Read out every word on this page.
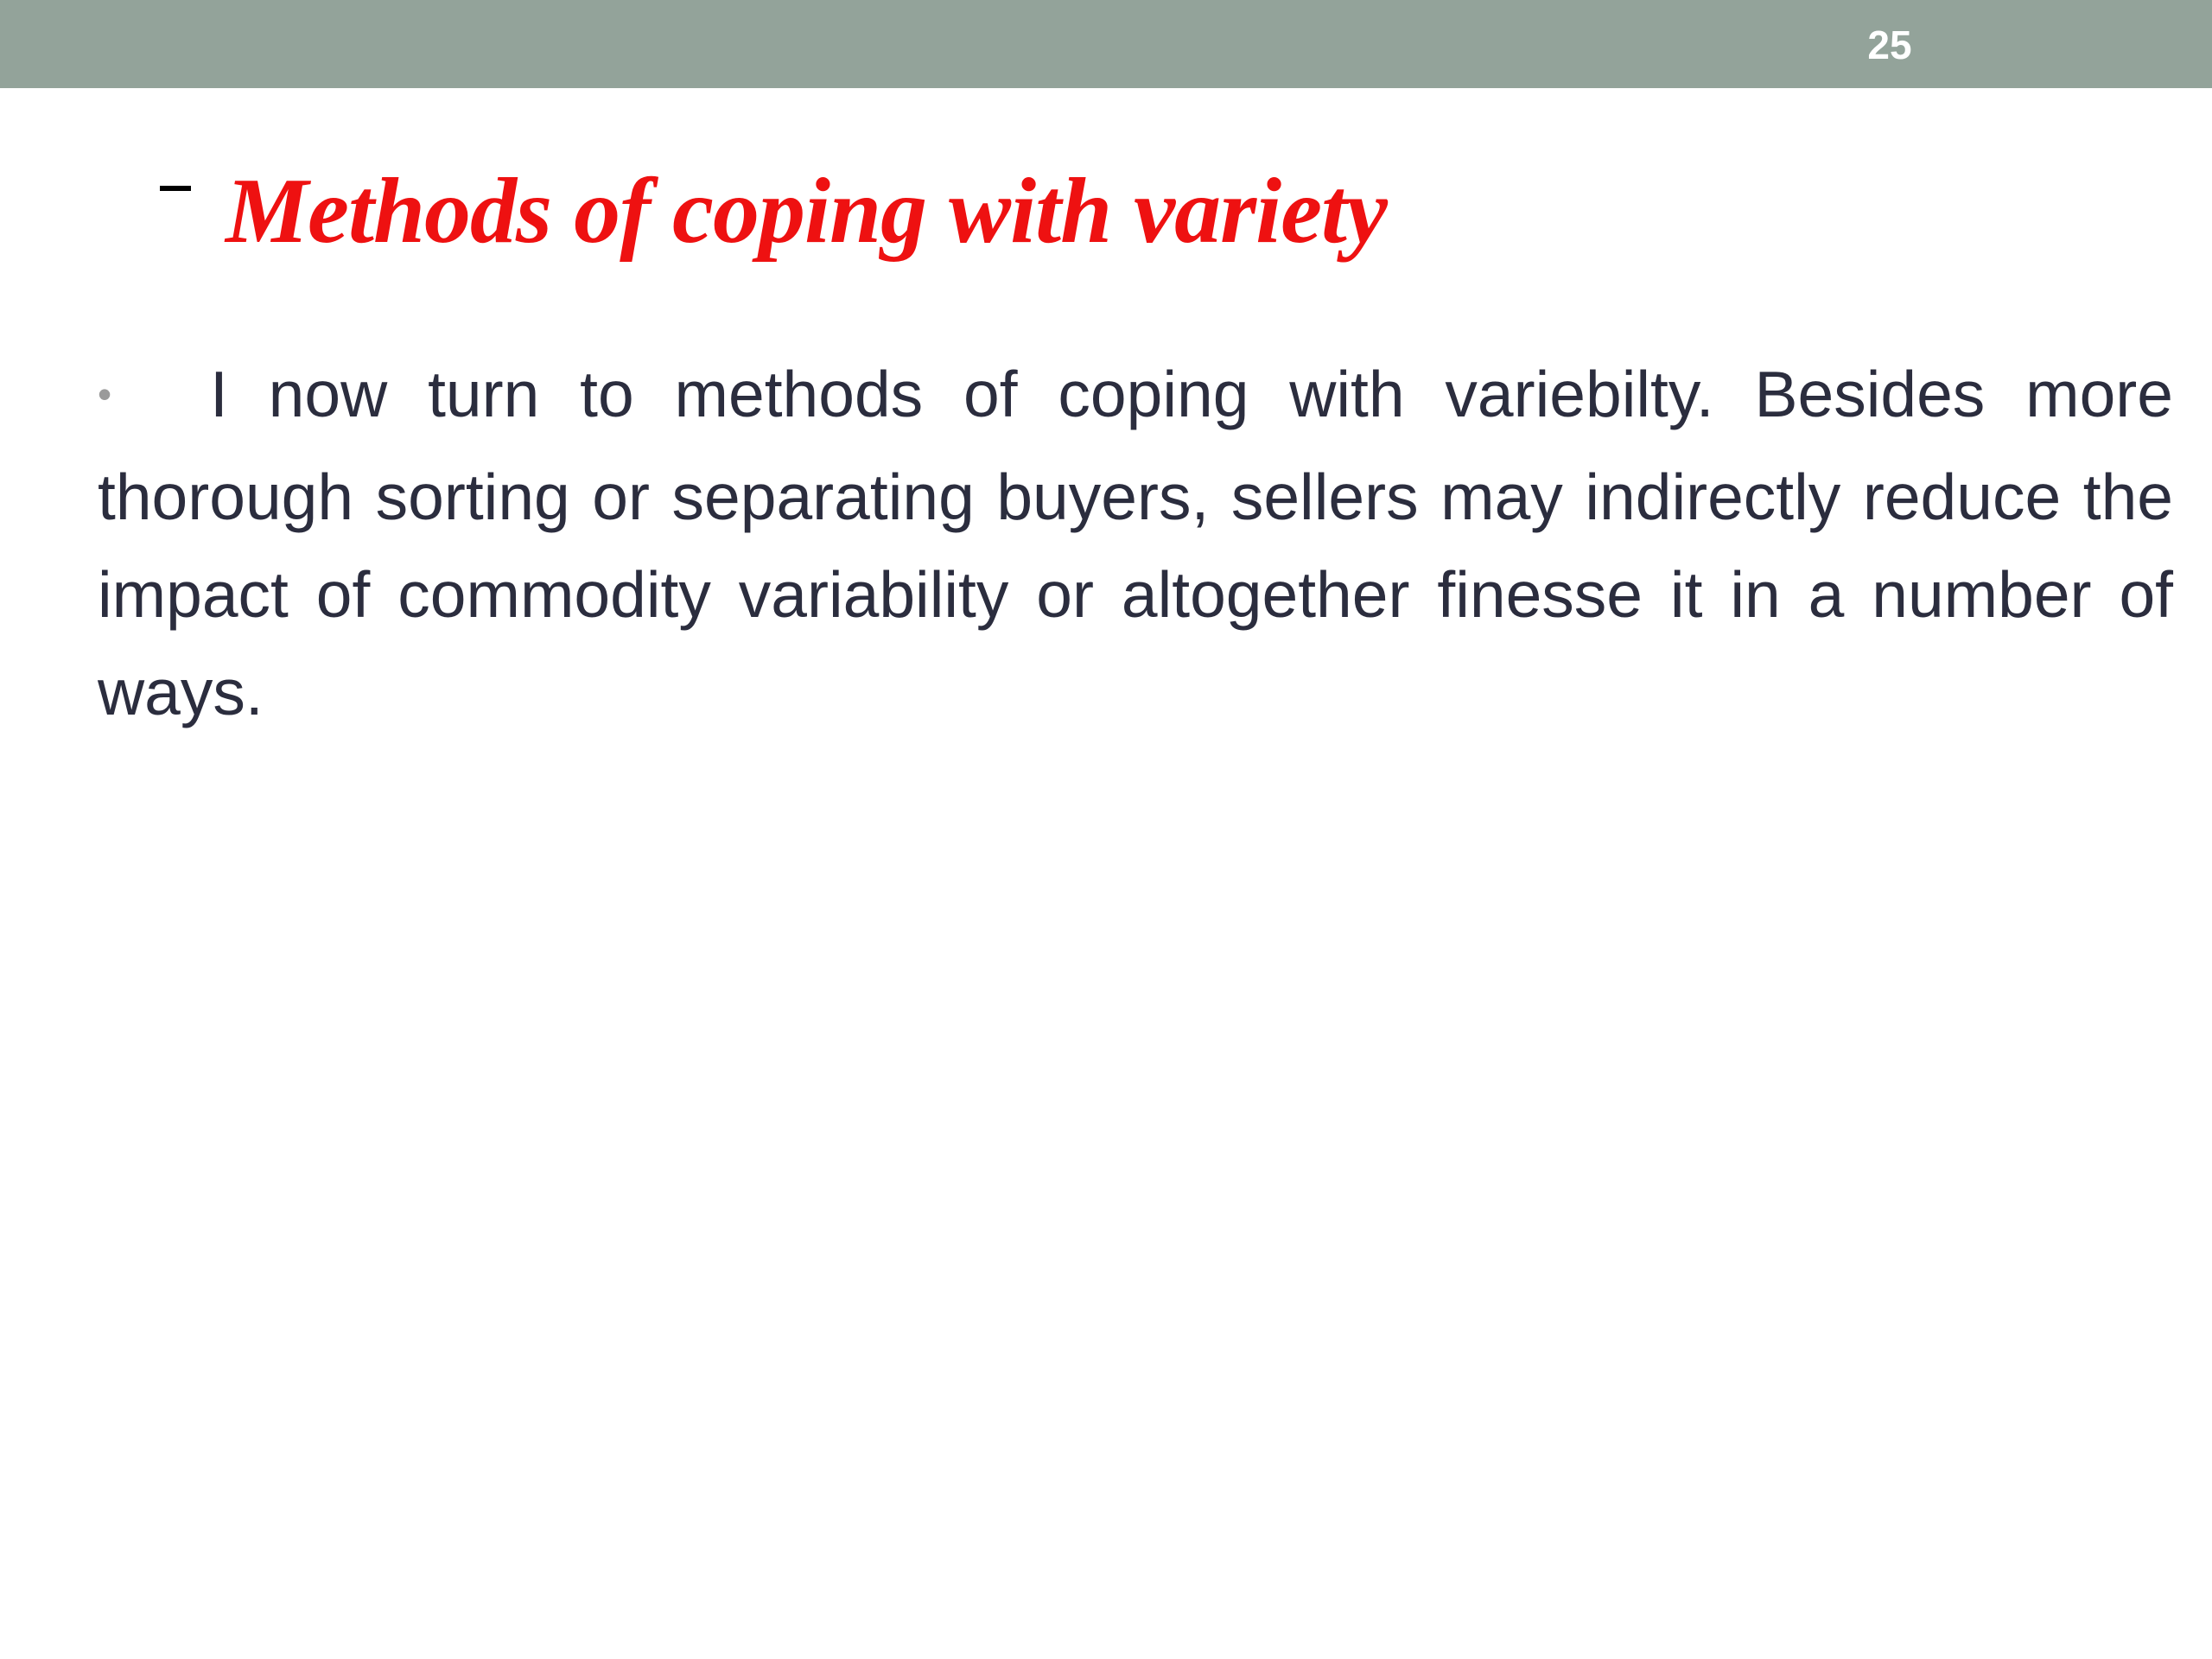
25
Methods of coping with variety
• I now turn to methods of coping with variebilty. Besides more thorough sorting or separating buyers, sellers may indirectly reduce the impact of commodity variability or altogether finesse it in a number of ways.
